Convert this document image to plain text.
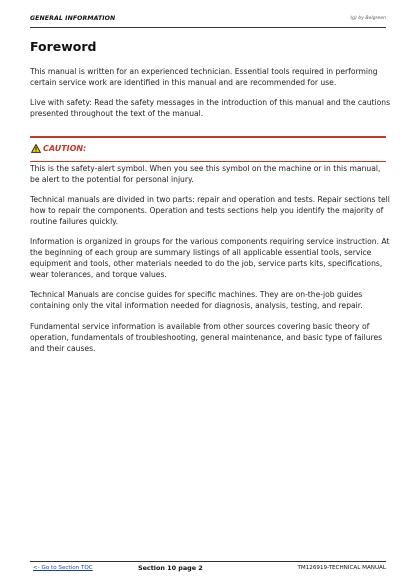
GENERAL INFORMATION	(g) by Belgreen
Foreword

This manual is written for an experienced technician. Essential tools required in performing certain service work are identified in this manual and are recommended for use.

Live with safety: Read the safety messages in the introduction of this manual and the cautions presented throughout the text of the manual.

CAUTION:

This is the safety-alert symbol. When you see this symbol on the machine or in this manual, be alert to the potential for personal injury.

Technical manuals are divided in two parts: repair and operation and tests. Repair sections tell how to repair the components. Operation and tests sections help you identify the majority of routine failures quickly.

Information is organized in groups for the various components requiring service instruction. At the beginning of each group are summary listings of all applicable essential tools, service equipment and tools, other materials needed to do the job, service parts kits, specifications, wear tolerances, and torque values.

Technical Manuals are concise guides for specific machines. They are on-the-job guides containing only the vital information needed for diagnosis, analysis, testing, and repair.

Fundamental service information is available from other sources covering basic theory of operation, fundamentals of troubleshooting, general maintenance, and basic type of failures and their causes.

<- Go to Section TOC	Section 10 page 2	TM126919-TECHNICAL MANUAL
